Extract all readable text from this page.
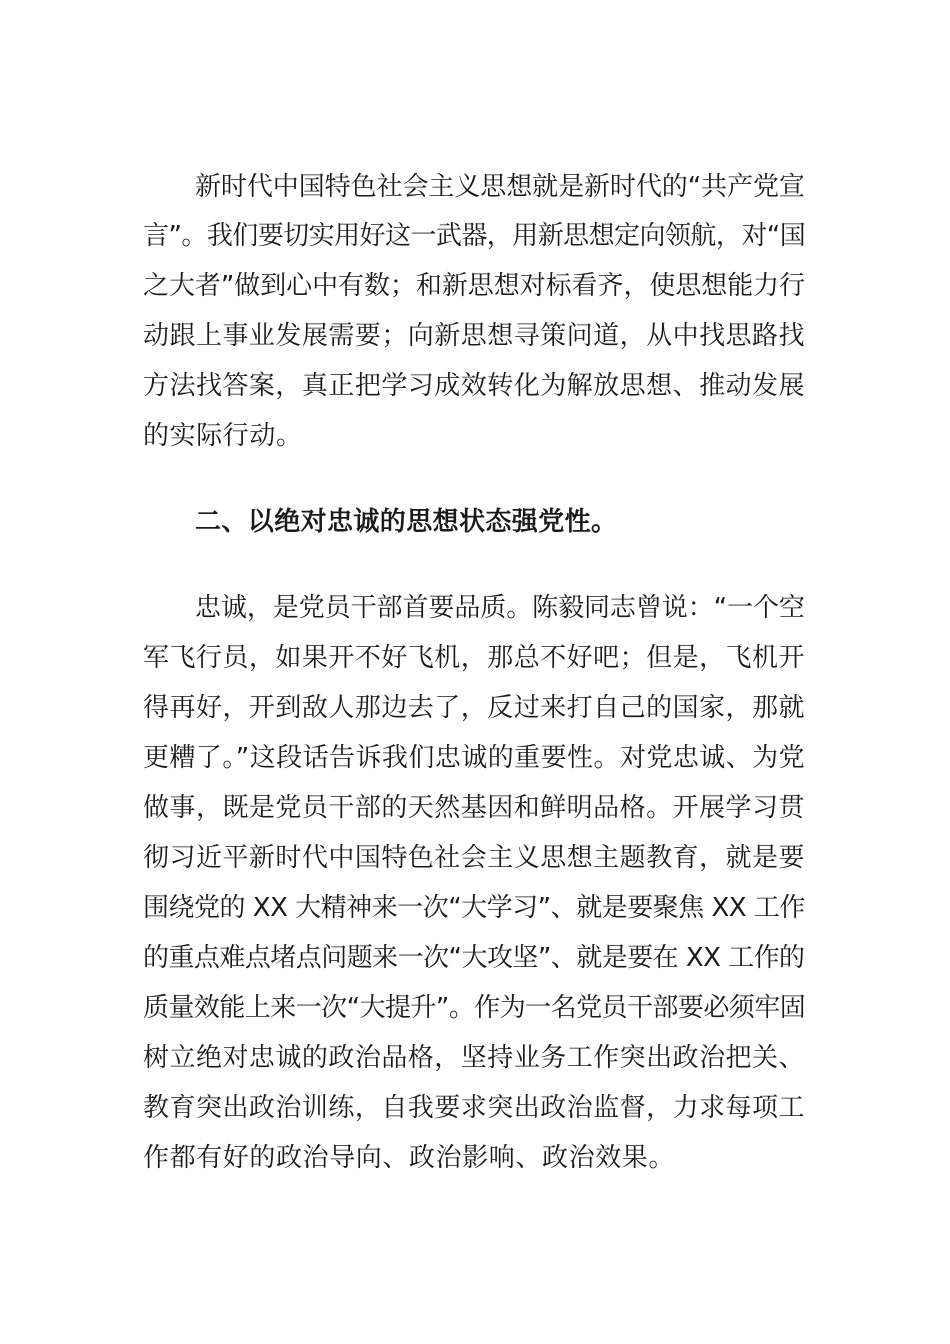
新时代中国特色社会主义思想就是新时代的“共产党宣
言”。我们要切实用好这一武器，用新思想定向领航，对“国
之大者”做到心中有数；和新思想对标看齐，使思想能力行
动跟上事业发展需要；向新思想寻策问道，从中找思路找
方法找答案，真正把学习成效转化为解放思想、推动发展
的实际行动。
二、以绝对忠诚的思想状态强党性。
忠诚，是党员干部首要品质。陈毅同志曾说：“一个空
军飞行员，如果开不好飞机，那总不好吧；但是，飞机开
得再好，开到敌人那边去了，反过来打自己的国家，那就
更糟了。”这段话告诉我们忠诚的重要性。对党忠诚、为党
做事，既是党员干部的天然基因和鲜明品格。开展学习贯
彻习近平新时代中国特色社会主义思想主题教育，就是要
围绕党的 XX 大精神来一次“大学习”、就是要聚焦 XX 工作
的重点难点堵点问题来一次“大攻坚”、就是要在 XX 工作的
质量效能上来一次“大提升”。作为一名党员干部要必须牢固
树立绝对忠诚的政治品格，坚持业务工作突出政治把关、
教育突出政治训练，自我要求突出政治监督，力求每项工
作都有好的政治导向、政治影响、政治效果。
